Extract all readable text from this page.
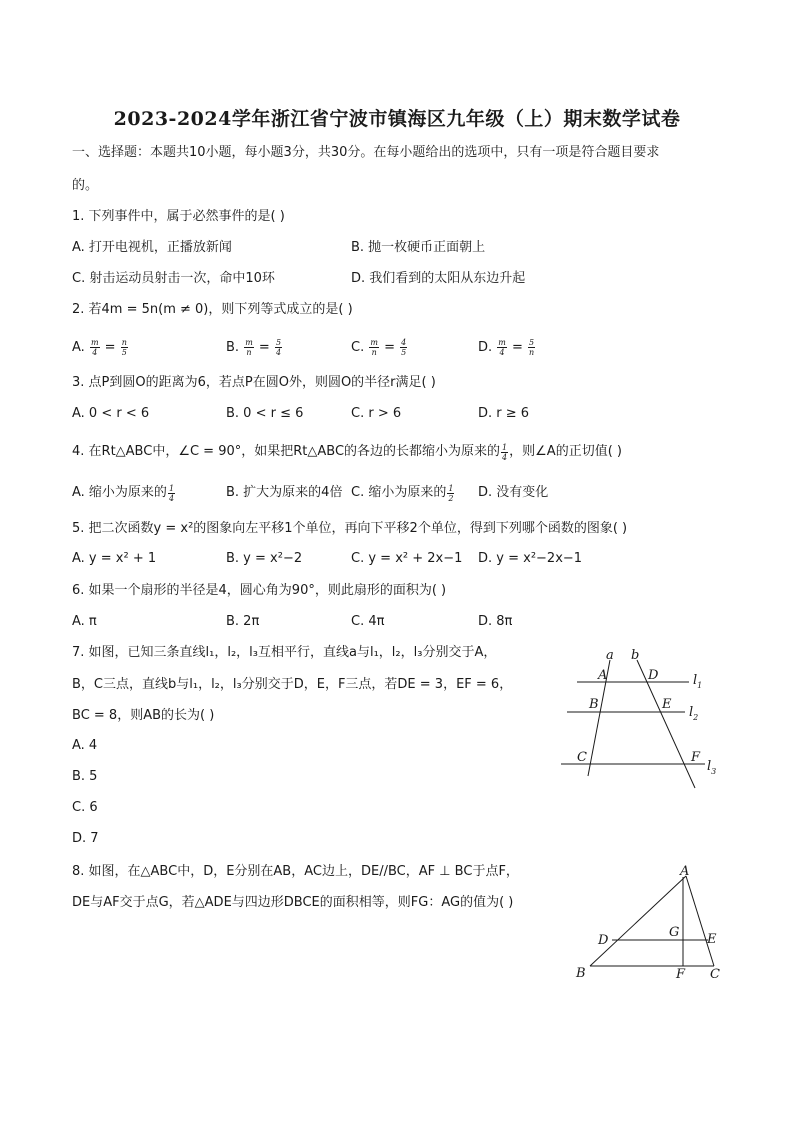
2023-2024学年浙江省宁波市镇海区九年级（上）期末数学试卷
一、选择题：本题共10小题，每小题3分，共30分。在每小题给出的选项中，只有一项是符合题目要求
的。
1. 下列事件中，属于必然事件的是( )
A. 打开电视机，正播放新闻	B. 抛一枚硬币正面朝上
C. 射击运动员射击一次，命中10环	D. 我们看到的太阳从东边升起
2. 若4m = 5n(m ≠ 0)，则下列等式成立的是( )
A. $\frac{m}{4} = \frac{n}{5}$	B. $\frac{m}{n} = \frac{5}{4}$	C. $\frac{m}{n} = \frac{4}{5}$	D. $\frac{m}{4} = \frac{5}{n}$
3. 点P到圆O的距离为6，若点P在圆O外，则圆O的半径r满足( )
A. 0 < r < 6	B. 0 < r ≤ 6	C. r > 6	D. r ≥ 6
4. 在Rt△ABC中，∠C = 90°，如果把Rt△ABC的各边的长都缩小为原来的 $\frac{1}{4}$ ，则∠A的正切值( )
A. 缩小为原来的 $\frac{1}{4}$	B. 扩大为原来的4倍 C. 缩小为原来的 $\frac{1}{2} D$. 没有变化
5. 把二次函数y = x²的图象向左平移1个单位，再向下平移2个单位，得到下列哪个函数的图象( )
A. y = x² + 1	B. y = x²−2	C. y = x² + 2x−1 D. y = x²−2x−1
6. 如果一个扇形的半径是4，圆心角为90°，则此扇形的面积为( )
A. π	B. 2π	C. 4π	D. 8π
7. 如图，已知三条直线l₁，l₂，l₃互相平行，直线a与l₁，l₂，l₃分别交于A，
B，C三点，直线b与l₁，l₂，l₃分别交于D，E，F三点，若DE = 3，EF = 6，
BC = 8，则AB的长为( )
A. 4
B. 5
C. 6
D. 7
a b
A	D
B	E
C	F
$l_1$
$l_2$
$l_3$
8. 如图，在△ABC中，D，E分别在AB，AC边上，DE//BC，AF ⊥ BC于点F，
DE与AF交于点G，若△ADE与四边形DBCE的面积相等，则FG：AG的值为( )
A
B	C
D	E
F
G
